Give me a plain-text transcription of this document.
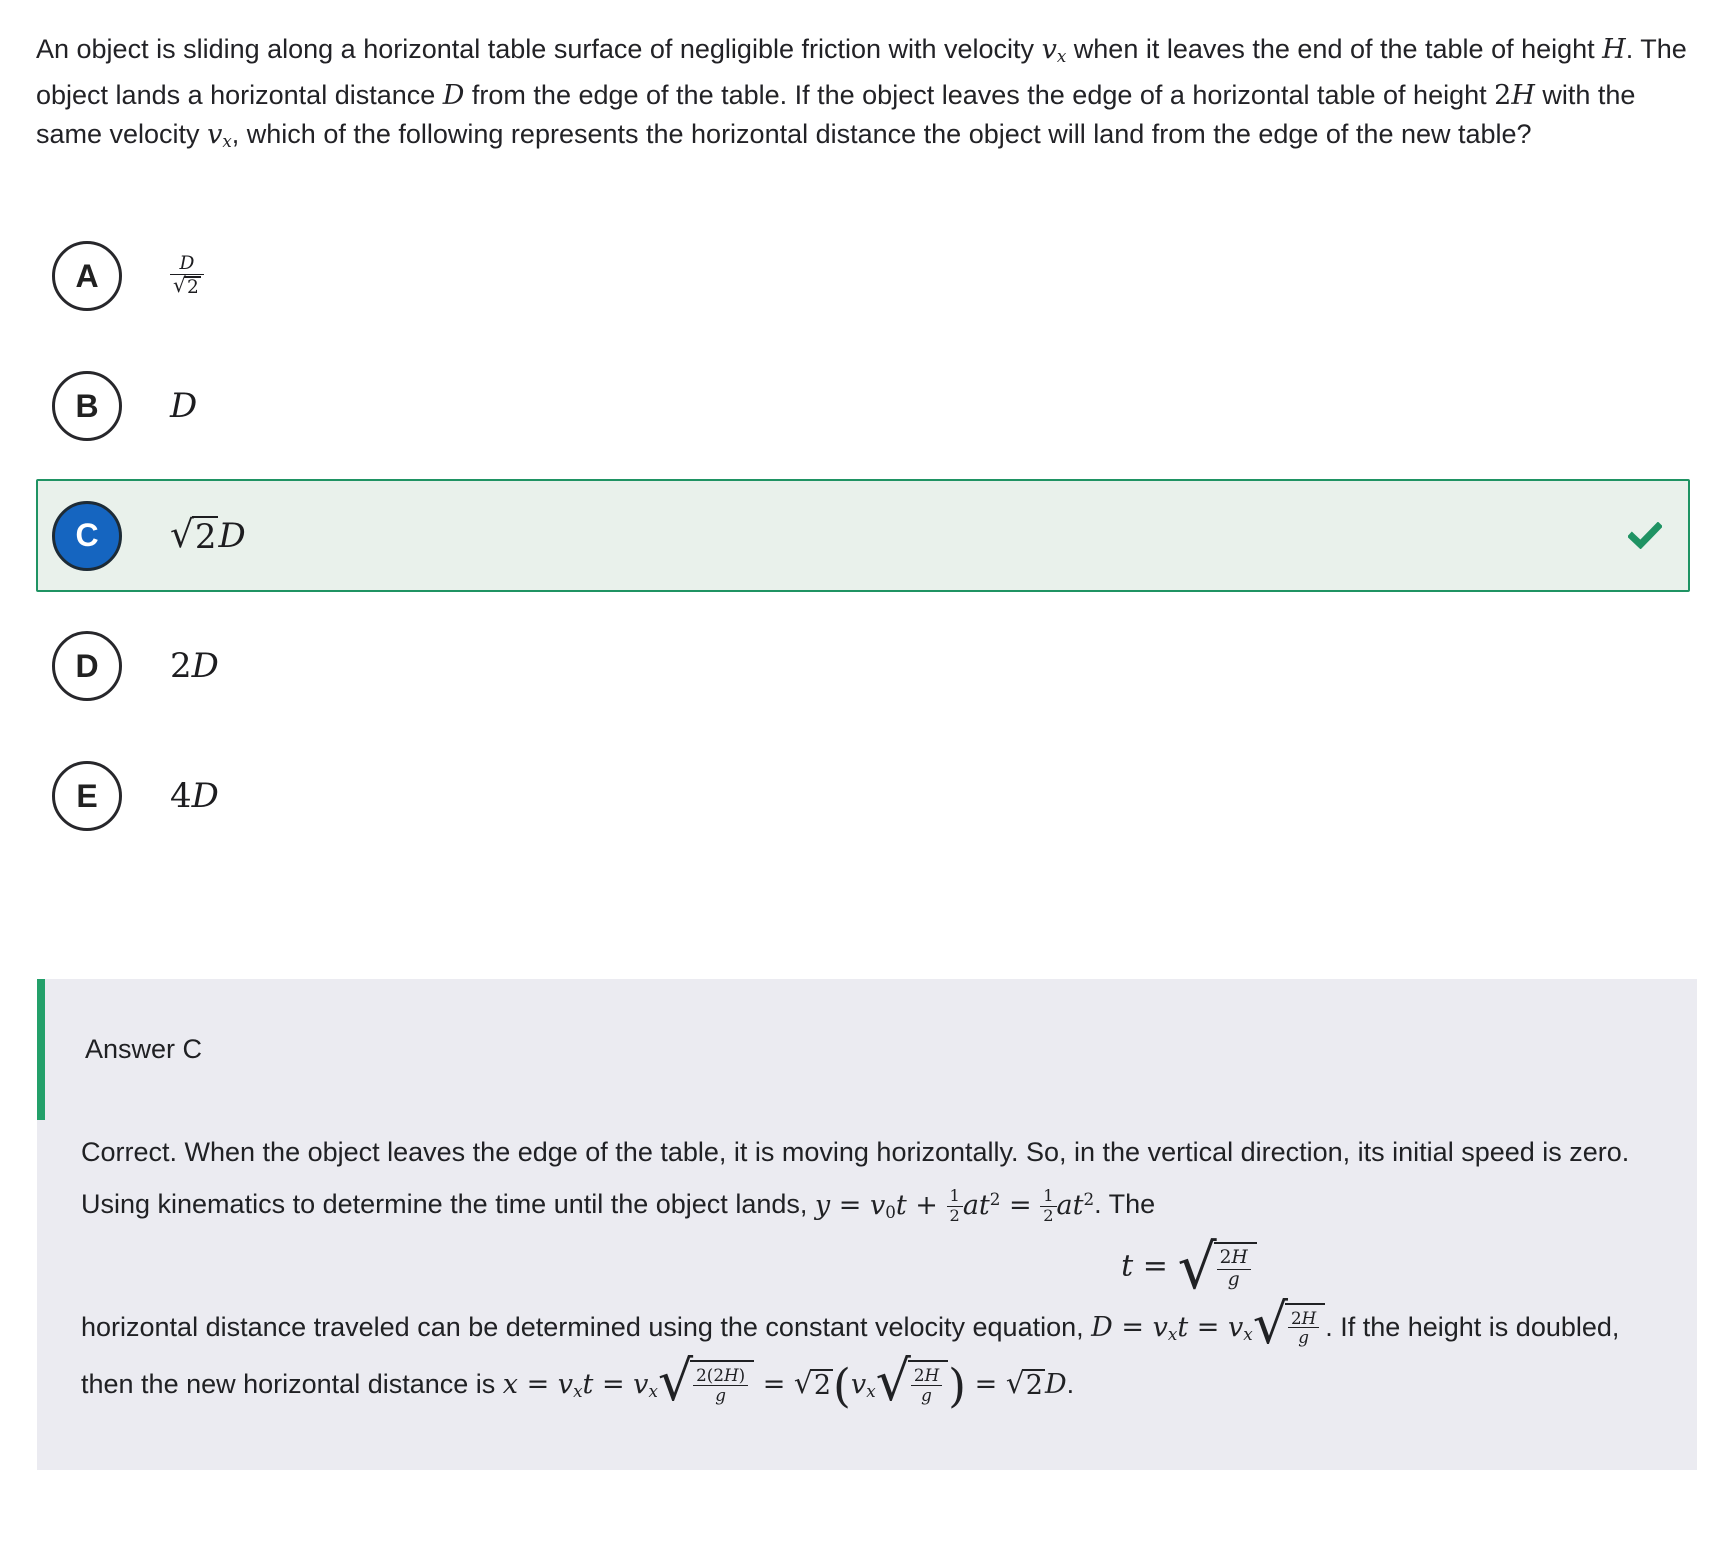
An object is sliding along a horizontal table surface of negligible friction with velocity $v_x$ when it leaves the end of the table of height H. The object lands a horizontal distance D from the edge of the table. If the object leaves the edge of a horizontal table of height 2H with the same velocity $v_x$, which of the following represents the horizontal distance the object will land from the edge of the new table?

A	$\frac{D}{√ 2}$
B D
C √ 2 D
D 2D
E 4D
Answer C

Correct. When the object leaves the edge of the table, it is moving horizontally. So, in the vertical direction, its initial speed is zero. Using kinematics to determine the time until the object lands, $y = v_0t + \frac{1}{2} at^2 = \frac{1}{2} at^2$. The

t = √ $\frac{2H}{g}$

horizontal distance traveled can be determined using the constant velocity equation, $D = v_xt = v_x$ √ $\frac{2H}{g}$ . If the height is doubled, then the new horizontal distance is $x = v_xt = v_x$ √ $\frac{2(2H)}{g}$ = √ 2 ($v_x$ √ $\frac{2H}{g}$ ) = √ 2 D.
